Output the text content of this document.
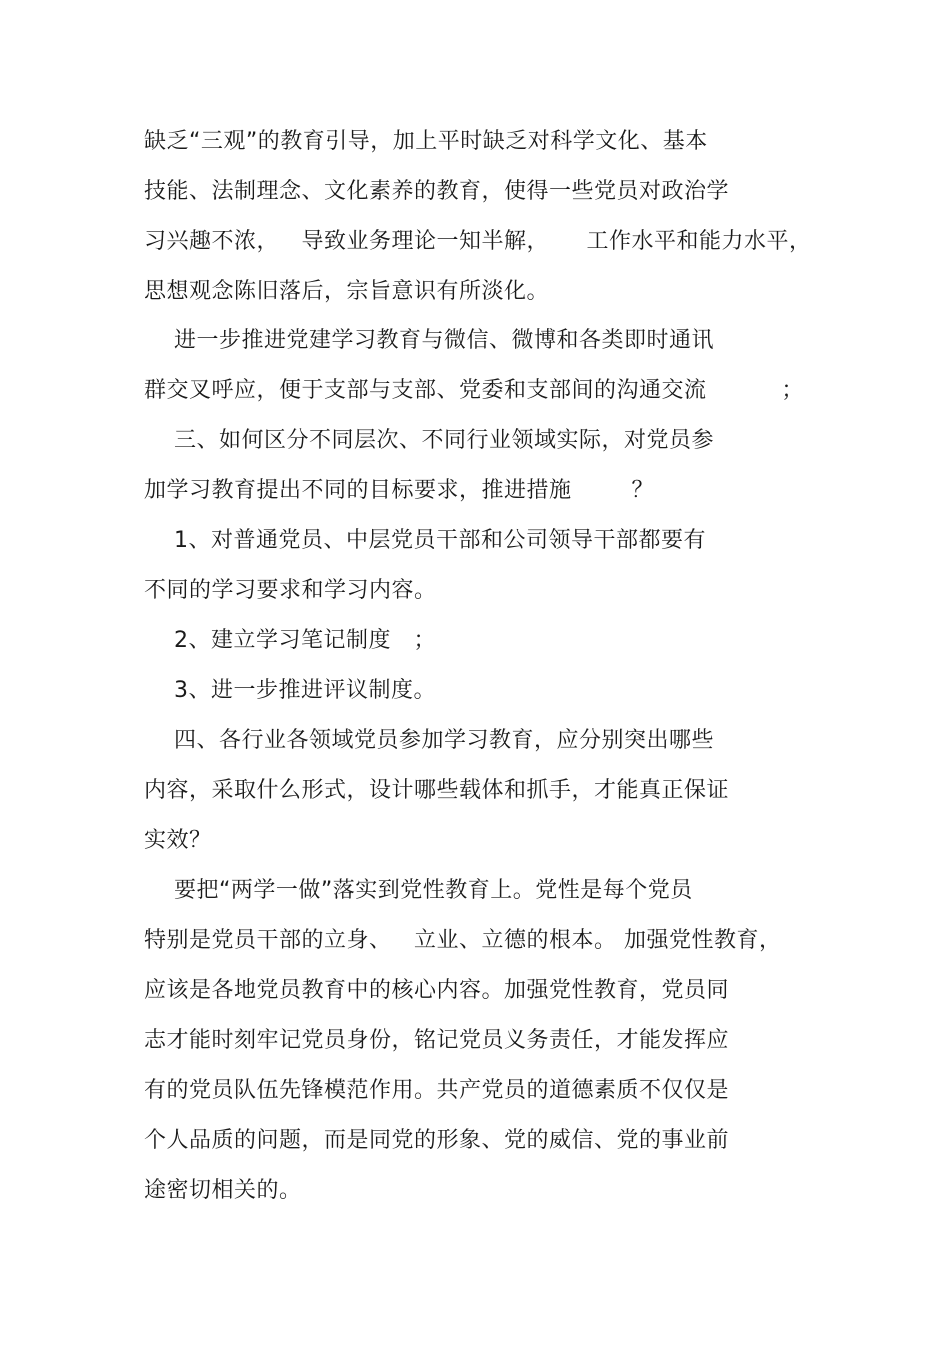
缺乏“三观”的教育引导，加上平时缺乏对科学文化、基本
技能、法制理念、文化素养的教育，使得一些党员对政治学
习兴趣不浓，   导致业务理论一知半解，     工作水平和能力水平，
思想观念陈旧落后，宗旨意识有所淡化。
进一步推进党建学习教育与微信、微博和各类即时通讯
群交叉呼应，便于支部与支部、党委和支部间的沟通交流          ；
三、如何区分不同层次、不同行业领域实际，对党员参
加学习教育提出不同的目标要求，推进措施        ？
1、对普通党员、中层党员干部和公司领导干部都要有
不同的学习要求和学习内容。
2、建立学习笔记制度   ；
3、进一步推进评议制度。
四、各行业各领域党员参加学习教育，应分别突出哪些
内容，采取什么形式，设计哪些载体和抓手，才能真正保证
实效？
要把“两学一做”落实到党性教育上。党性是每个党员
特别是党员干部的立身、   立业、立德的根本。 加强党性教育，
应该是各地党员教育中的核心内容。加强党性教育，党员同
志才能时刻牢记党员身份，铭记党员义务责任，才能发挥应
有的党员队伍先锋模范作用。共产党员的道德素质不仅仅是
个人品质的问题，而是同党的形象、党的威信、党的事业前
途密切相关的。
